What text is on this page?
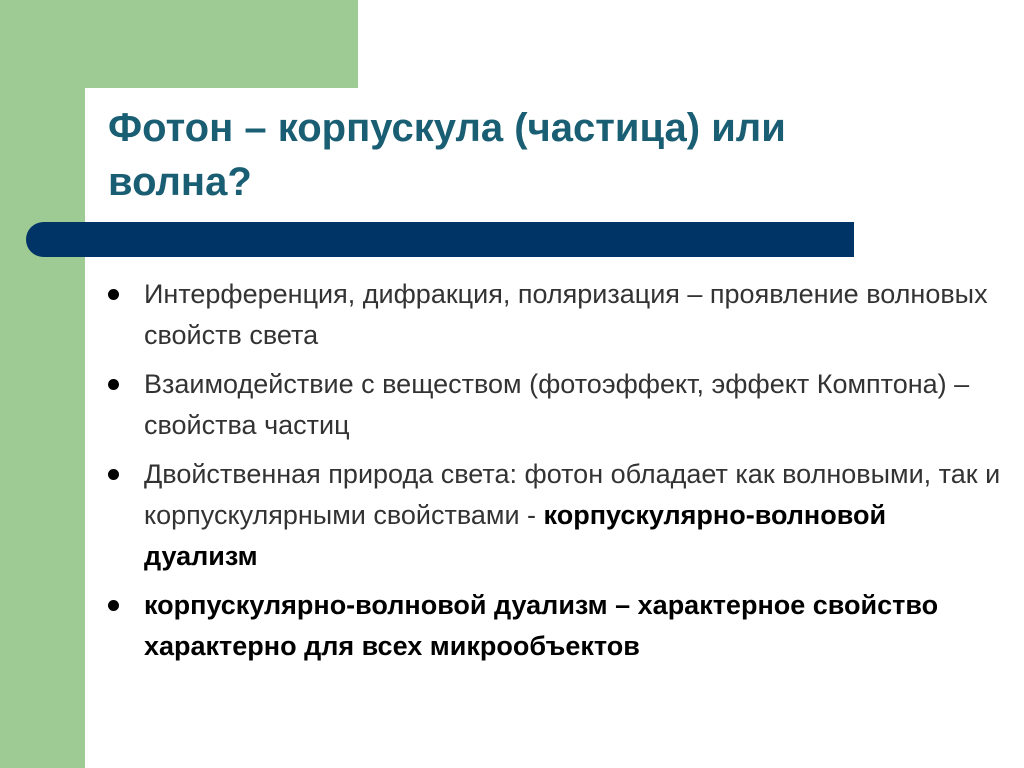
Фотон – корпускула (частица) или волна?
Интерференция, дифракция, поляризация – проявление волновых свойств света
Взаимодействие с веществом (фотоэффект, эффект Комптона) – свойства частиц
Двойственная природа света: фотон обладает как волновыми, так и корпускулярными свойствами - корпускулярно-волновой дуализм
корпускулярно-волновой дуализм – характерное свойство характерно для всех микрообъектов
